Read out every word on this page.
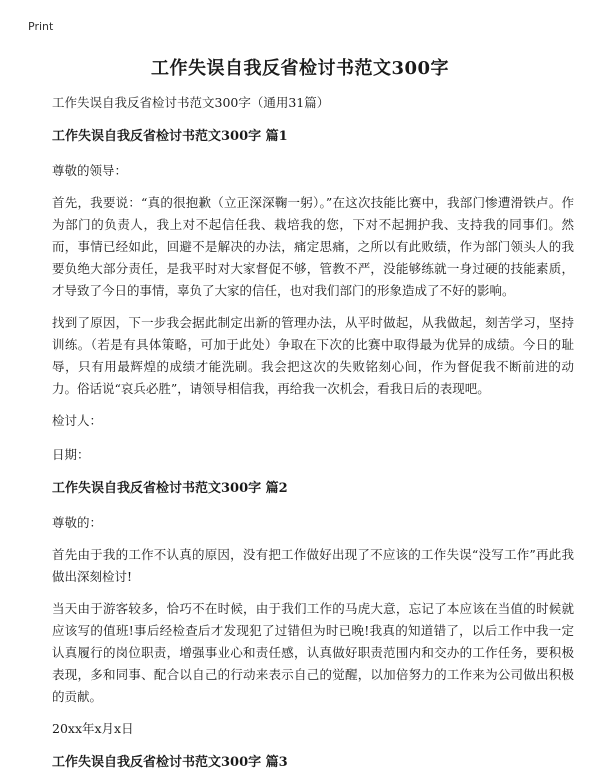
Print
工作失误自我反省检讨书范文300字

工作失误自我反省检讨书范文300字（通用31篇）

工作失误自我反省检讨书范文300字 篇1

尊敬的领导：

首先，我要说：“真的很抱歉（立正深深鞠一躬）。”在这次技能比赛中，我部门惨遭滑铁卢。作为部门的负责人，我上对不起信任我、栽培我的您，下对不起拥护我、支持我的同事们。然而，事情已经如此，回避不是解决的办法，痛定思痛，之所以有此败绩，作为部门领头人的我要负绝大部分责任，是我平时对大家督促不够，管教不严，没能够练就一身过硬的技能素质，才导致了今日的事情，辜负了大家的信任，也对我们部门的形象造成了不好的影响。

找到了原因，下一步我会据此制定出新的管理办法，从平时做起，从我做起，刻苦学习，坚持训练。（若是有具体策略，可加于此处）争取在下次的比赛中取得最为优异的成绩。今日的耻辱，只有用最辉煌的成绩才能洗刷。我会把这次的失败铭刻心间，作为督促我不断前进的动力。俗话说“哀兵必胜”，请领导相信我，再给我一次机会，看我日后的表现吧。

检讨人：

日期：

工作失误自我反省检讨书范文300字 篇2

尊敬的：

首先由于我的工作不认真的原因，没有把工作做好出现了不应该的工作失误“没写工作”再此我做出深刻检讨!

当天由于游客较多，恰巧不在时候，由于我们工作的马虎大意，忘记了本应该在当值的时候就应该写的值班!事后经检查后才发现犯了过错但为时已晚!我真的知道错了，以后工作中我一定认真履行的岗位职责，增强事业心和责任感，认真做好职责范围内和交办的工作任务，要积极表现，多和同事、配合以自己的行动来表示自己的觉醒，以加倍努力的工作来为公司做出积极的贡献。

20xx年x月x日

工作失误自我反省检讨书范文300字 篇3
